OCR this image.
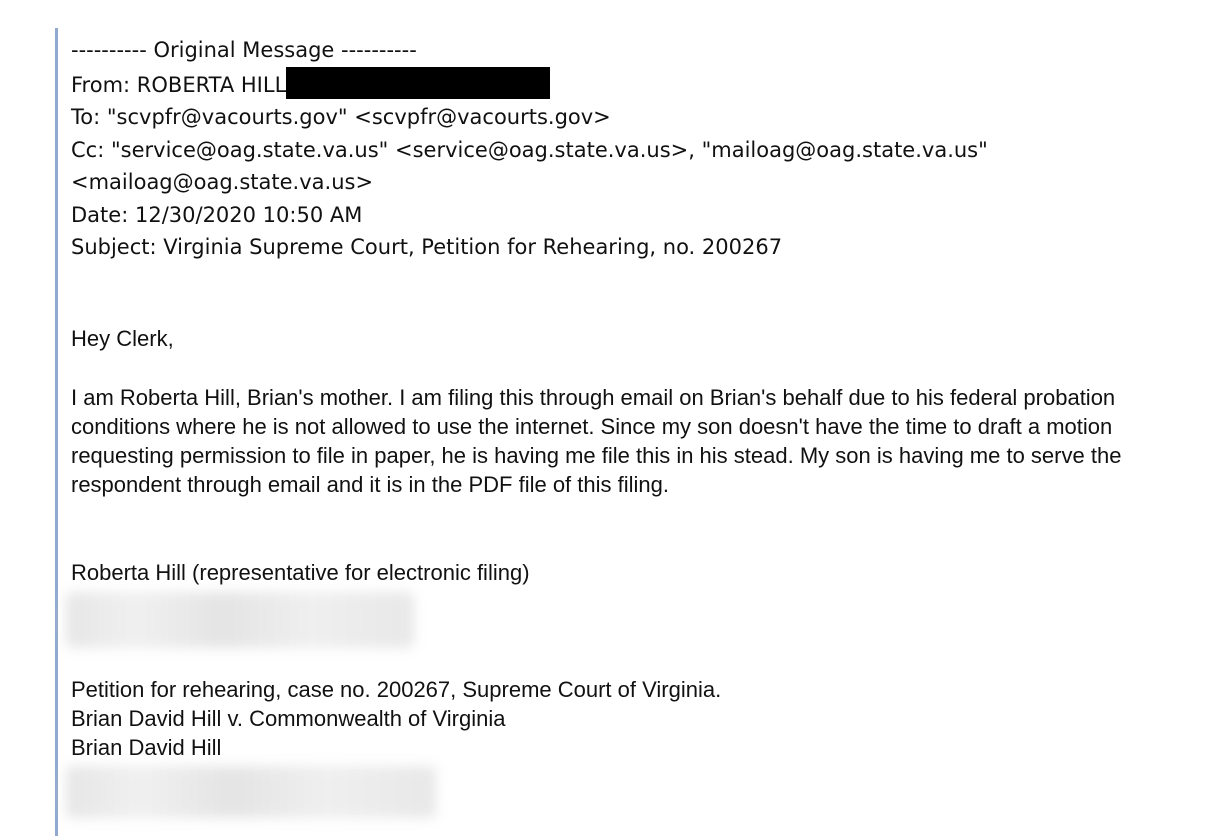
---------- Original Message ----------
From: ROBERTA HILL
To: "scvpfr@vacourts.gov" <scvpfr@vacourts.gov>
Cc: "service@oag.state.va.us" <service@oag.state.va.us>, "mailoag@oag.state.va.us"
<mailoag@oag.state.va.us>
Date: 12/30/2020 10:50 AM
Subject: Virginia Supreme Court, Petition for Rehearing, no. 200267
Hey Clerk,
I am Roberta Hill, Brian's mother. I am filing this through email on Brian's behalf due to his federal probation conditions where he is not allowed to use the internet. Since my son doesn't have the time to draft a motion requesting permission to file in paper, he is having me file this in his stead. My son is having me to serve the respondent through email and it is in the PDF file of this filing.
Roberta Hill (representative for electronic filing)
Petition for rehearing, case no. 200267, Supreme Court of Virginia.
Brian David Hill v. Commonwealth of Virginia
Brian David Hill
